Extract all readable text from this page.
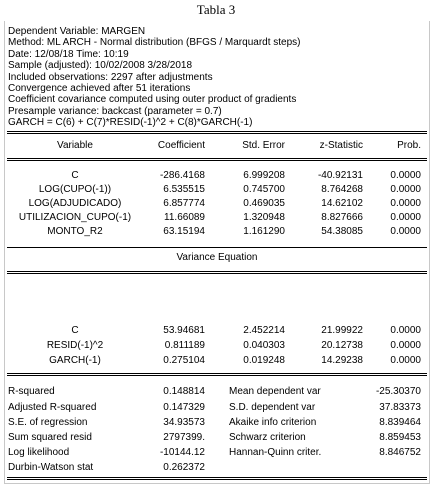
Tabla 3
Dependent Variable: MARGEN
Method: ML ARCH - Normal distribution (BFGS / Marquardt steps)
Date: 12/08/18 Time: 10:19
Sample (adjusted): 10/02/2008 3/28/2018
Included observations: 2297 after adjustments
Convergence achieved after 51 iterations
Coefficient covariance computed using outer product of gradients
Presample variance: backcast (parameter = 0.7)
GARCH = C(6) + C(7)*RESID(-1)^2 + C(8)*GARCH(-1)
Variable	Coefficient	Std. Error	z-Statistic	Prob.
C	-286.4168	6.999208	-40.92131	0.0000
LOG(CUPO(-1))	6.535515	0.745700	8.764268	0.0000
LOG(ADJUDICADO)	6.857774	0.469035	14.62102	0.0000
UTILIZACION_CUPO(-1)	11.66089	1.320948	8.827666	0.0000
MONTO_R2	63.15194	1.161290	54.38085	0.0000
Variance Equation
C	53.94681	2.452214	21.99922	0.0000
RESID(-1)^2	0.811189	0.040303	20.12738	0.0000
GARCH(-1)	0.275104	0.019248	14.29238	0.0000
R-squared	0.148814 Mean dependent var	-25.30370
Adjusted R-squared	0.147329 S.D. dependent var	37.83373
S.E. of regression	34.93573 Akaike info criterion	8.839464
Sum squared resid	2797399. Schwarz criterion	8.859453
Log likelihood	-10144.12 Hannan-Quinn criter.	8.846752
Durbin-Watson stat	0.262372
